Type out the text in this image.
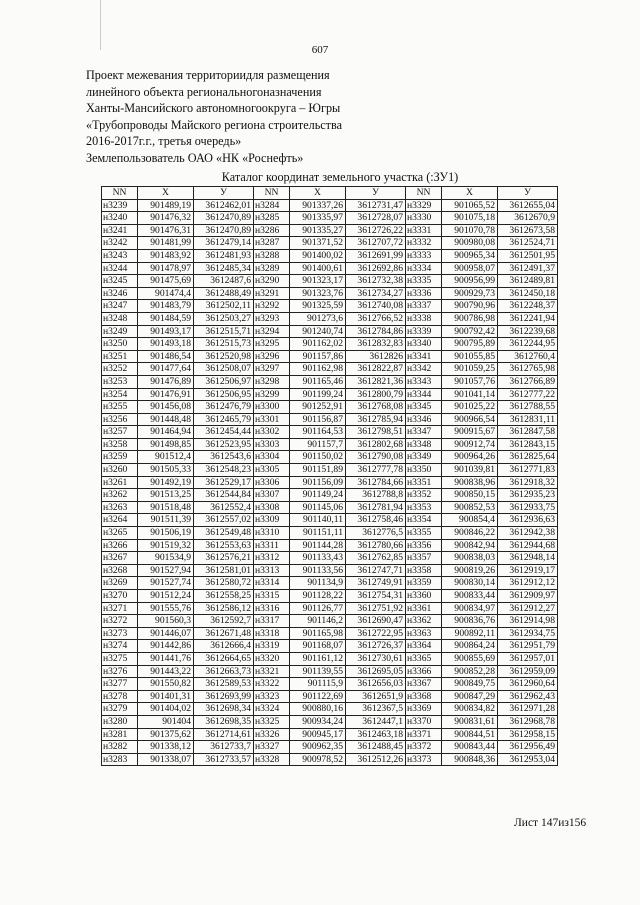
607
Проект межевания территориидля размещения
линейного объекта региональногоназначения
Ханты-Мансийского автономногоокруга – Югры
«Трубопроводы Майского региона строительства
2016-2017г.г., третья очередь»
Землепользователь ОАО «НК «Роснефть»
Каталог координат земельного участка (:ЗУ1)
NN	X	У	NN	X	У	NN	X	У
н3239	901489,19	3612462,01	н3284	901337,26	3612731,47	н3329	901065,52	3612655,04
н3240	901476,32	3612470,89	н3285	901335,97	3612728,07	н3330	901075,18	3612670,9
н3241	901476,31	3612470,89	н3286	901335,27	3612726,22	н3331	901070,78	3612673,58
н3242	901481,99	3612479,14	н3287	901371,52	3612707,72	н3332	900980,08	3612524,71
н3243	901483,92	3612481,93	н3288	901400,02	3612691,99	н3333	900965,34	3612501,95
н3244	901478,97	3612485,34	н3289	901400,61	3612692,86	н3334	900958,07	3612491,37
н3245	901475,69	3612487,6	н3290	901323,17	3612732,38	н3335	900956,99	3612489,81
н3246	901474,4	3612488,49	н3291	901323,76	3612734,27	н3336	900929,73	3612450,18
н3247	901483,79	3612502,11	н3292	901325,59	3612740,08	н3337	900790,96	3612248,37
н3248	901484,59	3612503,27	н3293	901273,6	3612766,52	н3338	900786,98	3612241,94
н3249	901493,17	3612515,71	н3294	901240,74	3612784,86	н3339	900792,42	3612239,68
н3250	901493,18	3612515,73	н3295	901162,02	3612832,83	н3340	900795,89	3612244,95
н3251	901486,54	3612520,98	н3296	901157,86	3612826	н3341	901055,85	3612760,4
н3252	901477,64	3612508,07	н3297	901162,98	3612822,87	н3342	901059,25	3612765,98
н3253	901476,89	3612506,97	н3298	901165,46	3612821,36	н3343	901057,76	3612766,89
н3254	901476,91	3612506,95	н3299	901199,24	3612800,79	н3344	901041,14	3612777,22
н3255	901456,08	3612476,79	н3300	901252,91	3612768,08	н3345	901025,22	3612788,55
н3256	901448,48	3612465,79	н3301	901156,87	3612785,94	н3346	900966,54	3612831,11
н3257	901464,94	3612454,44	н3302	901164,53	3612798,51	н3347	900915,67	3612847,58
н3258	901498,85	3612523,95	н3303	901157,7	3612802,68	н3348	900912,74	3612843,15
н3259	901512,4	3612543,6	н3304	901150,02	3612790,08	н3349	900964,26	3612825,64
н3260	901505,33	3612548,23	н3305	901151,89	3612777,78	н3350	901039,81	3612771,83
н3261	901492,19	3612529,17	н3306	901156,09	3612784,66	н3351	900838,96	3612918,32
н3262	901513,25	3612544,84	н3307	901149,24	3612788,8	н3352	900850,15	3612935,23
н3263	901518,48	3612552,4	н3308	901145,06	3612781,94	н3353	900852,53	3612933,75
н3264	901511,39	3612557,02	н3309	901140,11	3612758,46	н3354	900854,4	3612936,63
н3265	901506,19	3612549,48	н3310	901151,11	3612776,5	н3355	900846,22	3612942,38
н3266	901519,32	3612553,63	н3311	901144,28	3612780,66	н3356	900842,94	3612944,68
н3267	901534,9	3612576,21	н3312	901133,43	3612762,85	н3357	900838,03	3612948,14
н3268	901527,94	3612581,01	н3313	901133,56	3612747,71	н3358	900819,26	3612919,17
н3269	901527,74	3612580,72	н3314	901134,9	3612749,91	н3359	900830,14	3612912,12
н3270	901512,24	3612558,25	н3315	901128,22	3612754,31	н3360	900833,44	3612909,97
н3271	901555,76	3612586,12	н3316	901126,77	3612751,92	н3361	900834,97	3612912,27
н3272	901560,3	3612592,7	н3317	901146,2	3612690,47	н3362	900836,76	3612914,98
н3273	901446,07	3612671,48	н3318	901165,98	3612722,95	н3363	900892,11	3612934,75
н3274	901442,86	3612666,4	н3319	901168,07	3612726,37	н3364	900864,24	3612951,79
н3275	901441,76	3612664,65	н3320	901161,12	3612730,61	н3365	900855,69	3612957,01
н3276	901443,22	3612663,73	н3321	901139,55	3612695,05	н3366	900852,28	3612959,09
н3277	901550,82	3612589,53	н3322	901115,9	3612656,03	н3367	900849,75	3612960,64
н3278	901401,31	3612693,99	н3323	901122,69	3612651,9	н3368	900847,29	3612962,43
н3279	901404,02	3612698,34	н3324	900880,16	3612367,5	н3369	900834,82	3612971,28
н3280	901404	3612698,35	н3325	900934,24	3612447,1	н3370	900831,61	3612968,78
н3281	901375,62	3612714,61	н3326	900945,17	3612463,18	н3371	900844,51	3612958,15
н3282	901338,12	3612733,7	н3327	900962,35	3612488,45	н3372	900843,44	3612956,49
н3283	901338,07	3612733,57	н3328	900978,52	3612512,26	н3373	900848,36	3612953,04
Лист 147из156
